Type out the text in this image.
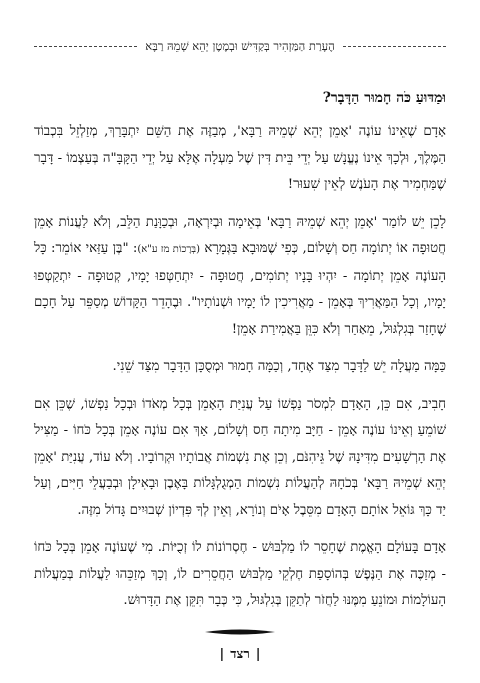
הֶעָרַת הַמַּזְהִיר בְּקַדִּישׁ וּבְמֶטֶן יְהֵא שְׁמֵהּ רַבָּא

וּמַדּוּעַ כֹּה חָמוּר הַדָּבָר?

אָדָם שֶׁאֵינוֹ עוֹנֶה 'אָמֵן יְהֵא שְׁמֵיהּ רַבָּא', מְבַזֶּה אֶת הַשֵּׁם יִתְבָּרַךְ, מְזַלְזֵל בִּכְבוֹד הַמֶּלֶךְ, וּלְכָךְ אֵינוֹ נֶעֱנָשׁ עַל יְדֵי בֵּית דִּין שֶׁל מַעְלָה אֶלָּא עַל יְדֵי הַקָּבָּ"ה בְּעַצְמוֹ - דָּבָר שֶׁמַּחְמִיר אֶת הָעֹנֶשׁ לְאֵין שִׁעוּר!

לָכֵן יֵשׁ לוֹמַר 'אָמֵן יְהֵא שְׁמֵיהּ רַבָּא' בְּאֵימָה וּבְיִרְאָה, וּבְכַוָּנַת הַלֵּב, וְלֹא לַעֲנוֹת אָמֵן חֲטוּפָה אוֹ יְתוֹמָה חַס וְשָׁלוֹם, כְּפִי שֶׁמּוּבָא בַּגְּמָרָא (בְּרָכוֹת מז ע"א): "בֶּן עַזַּאי אוֹמֵר: כָּל הָעוֹנֶה אָמֵן יְתוֹמָה - יִהְיוּ בָּנָיו יְתוֹמִים, חֲטוּפָה - יִתְחַטְּפוּ יָמָיו, קְטוּפָה - יִתְקַטְּפוּ יָמָיו, וְכָל הַמַּאֲרִיךְ בְּאָמֵן - מַאֲרִיכִין לוֹ יָמָיו וּשְׁנוֹתָיו". וּבֶהָדֵר הַקָּדוֹשׁ מְסַפֵּר עַל חָכָם שֶׁחָזַר בְּגִלְגּוּל, מֵאַחַר וְלֹא כִּוֵּן בַּאֲמִירַת אָמֵן!

כַּמָּה מַעֲלָה יֵשׁ לַדָּבָר מִצַּד אֶחָד, וְכַמָּה חָמוּר וּמְסֻכָּן הַדָּבָר מִצַּד שֵׁנִי.

חָבִיב, אִם כֵּן, הָאָדָם לִמְסֹר נַפְשׁוֹ עַל עֲנִיַּת הָאָמֵן בְּכָל מְאֹדוֹ וּבְכָל נַפְשׁוֹ, שֶׁכֵּן אִם שׁוֹמֵעַ וְאֵינוֹ עוֹנֶה אָמֵן - חַיָּב מִיתָה חַס וְשָׁלוֹם, אַךְ אִם עוֹנֶה אָמֵן בְּכָל כֹּחוֹ - מַצִּיל אֶת הָרְשָׁעִים מִדִּינָהּ שֶׁל גֵּיהִנֹּם, וְכֵן אֶת נִשְׁמוֹת אֲבוֹתָיו וּקְרוֹבָיו. וְלֹא עוֹד, עֲנִיַּת 'אָמֵן יְהֵא שְׁמֵיהּ רַבָּא' בְּכֹחָהּ לְהַעֲלוֹת נִשְׁמוֹת הַמְגֻלְגָּלוֹת בָּאֶבֶן וּבָאִילָן וּבְבַעֲלֵי חַיִּים, וְעַל יַד כָּךְ גּוֹאֵל אוֹתָם הָאָדָם מִסֵּבֶל אָיֹם וְנוֹרָא, וְאֵין לְךָ פִּדְיוֹן שְׁבוּיִים גָּדוֹל מִזֶּה.

אָדָם בָּעוֹלָם הָאֱמֶת שֶׁחָסֵר לוֹ מַלְבּוּשׁ - חֶסְרוֹנוֹת לוֹ זְכֻיּוֹת. מִי שֶׁעוֹנֶה אָמֵן בְּכָל כֹּחוֹ - מְזַכֶּה אֶת הַנֶּפֶשׁ בְּהוֹסָפַת חֶלְקֵי מַלְבּוּשׁ הַחֲסֵרִים לוֹ, וְכָךְ מְזַכֵּהוּ לַעֲלוֹת בְּמַעֲלוֹת הָעוֹלָמוֹת וּמוֹנֵעַ מִמֶּנּוּ לַחֲזֹר לְתַקֵּן בְּגִלְגּוּל, כִּי כְּבָר תִּקֵּן אֶת הַדָּרוּשׁ.

|רצד|
